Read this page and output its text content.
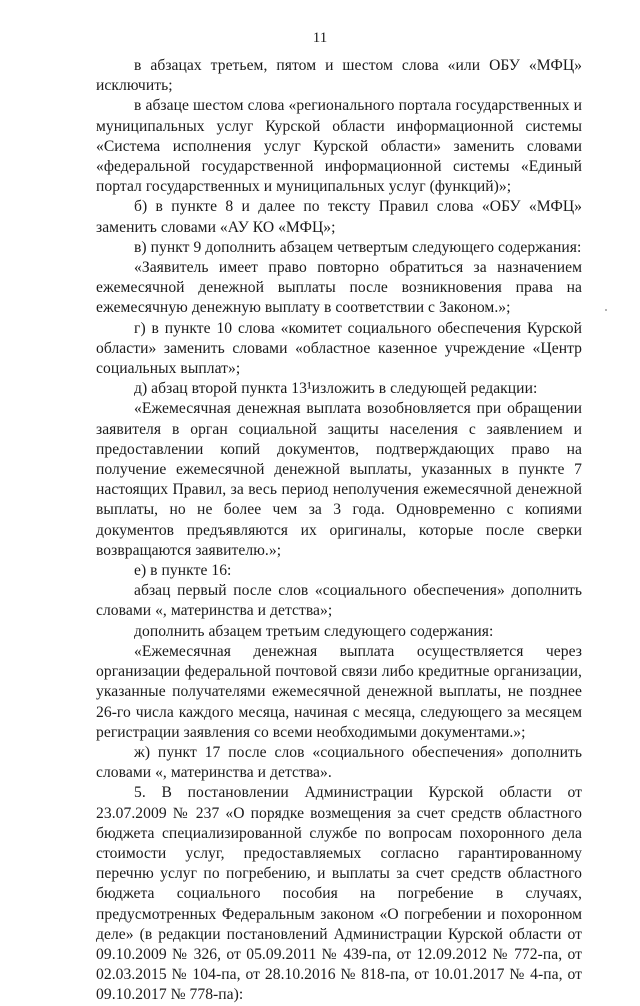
11

в абзацах третьем, пятом и шестом слова «или ОБУ «МФЦ» исключить;

в абзаце шестом слова «регионального портала государственных и муниципальных услуг Курской области информационной системы «Система исполнения услуг Курской области» заменить словами «федеральной государственной информационной системы «Единый портал государственных и муниципальных услуг (функций)»;

б) в пункте 8 и далее по тексту Правил слова «ОБУ «МФЦ» заменить словами «АУ КО «МФЦ»;

в) пункт 9 дополнить абзацем четвертым следующего содержания:

«Заявитель имеет право повторно обратиться за назначением ежемесячной денежной выплаты после возникновения права на ежемесячную денежную выплату в соответствии с Законом.»;

г) в пункте 10 слова «комитет социального обеспечения Курской области» заменить словами «областное казенное учреждение «Центр социальных выплат»;

д) абзац второй пункта 13¹изложить в следующей редакции:

«Ежемесячная денежная выплата возобновляется при обращении заявителя в орган социальной защиты населения с заявлением и предоставлении копий документов, подтверждающих право на получение ежемесячной денежной выплаты, указанных в пункте 7 настоящих Правил, за весь период неполучения ежемесячной денежной выплаты, но не более чем за 3 года. Одновременно с копиями документов предъявляются их оригиналы, которые после сверки возвращаются заявителю.»;

е) в пункте 16:

абзац первый после слов «социального обеспечения» дополнить словами «, материнства и детства»;

дополнить абзацем третьим следующего содержания:

«Ежемесячная денежная выплата осуществляется через организации федеральной почтовой связи либо кредитные организации, указанные получателями ежемесячной денежной выплаты, не позднее 26-го числа каждого месяца, начиная с месяца, следующего за месяцем регистрации заявления со всеми необходимыми документами.»;

ж) пункт 17 после слов «социального обеспечения» дополнить словами «, материнства и детства».

5. В постановлении Администрации Курской области от 23.07.2009 № 237 «О порядке возмещения за счет средств областного бюджета специализированной службе по вопросам похоронного дела стоимости услуг, предоставляемых согласно гарантированному перечню услуг по погребению, и выплаты за счет средств областного бюджета социального пособия на погребение в случаях, предусмотренных Федеральным законом «О погребении и похоронном деле» (в редакции постановлений Администрации Курской области от 09.10.2009 № 326, от 05.09.2011 № 439-па, от 12.09.2012 № 772-па, от 02.03.2015 № 104-па, от 28.10.2016 № 818-па, от 10.01.2017 № 4-па, от 09.10.2017 № 778-па):
